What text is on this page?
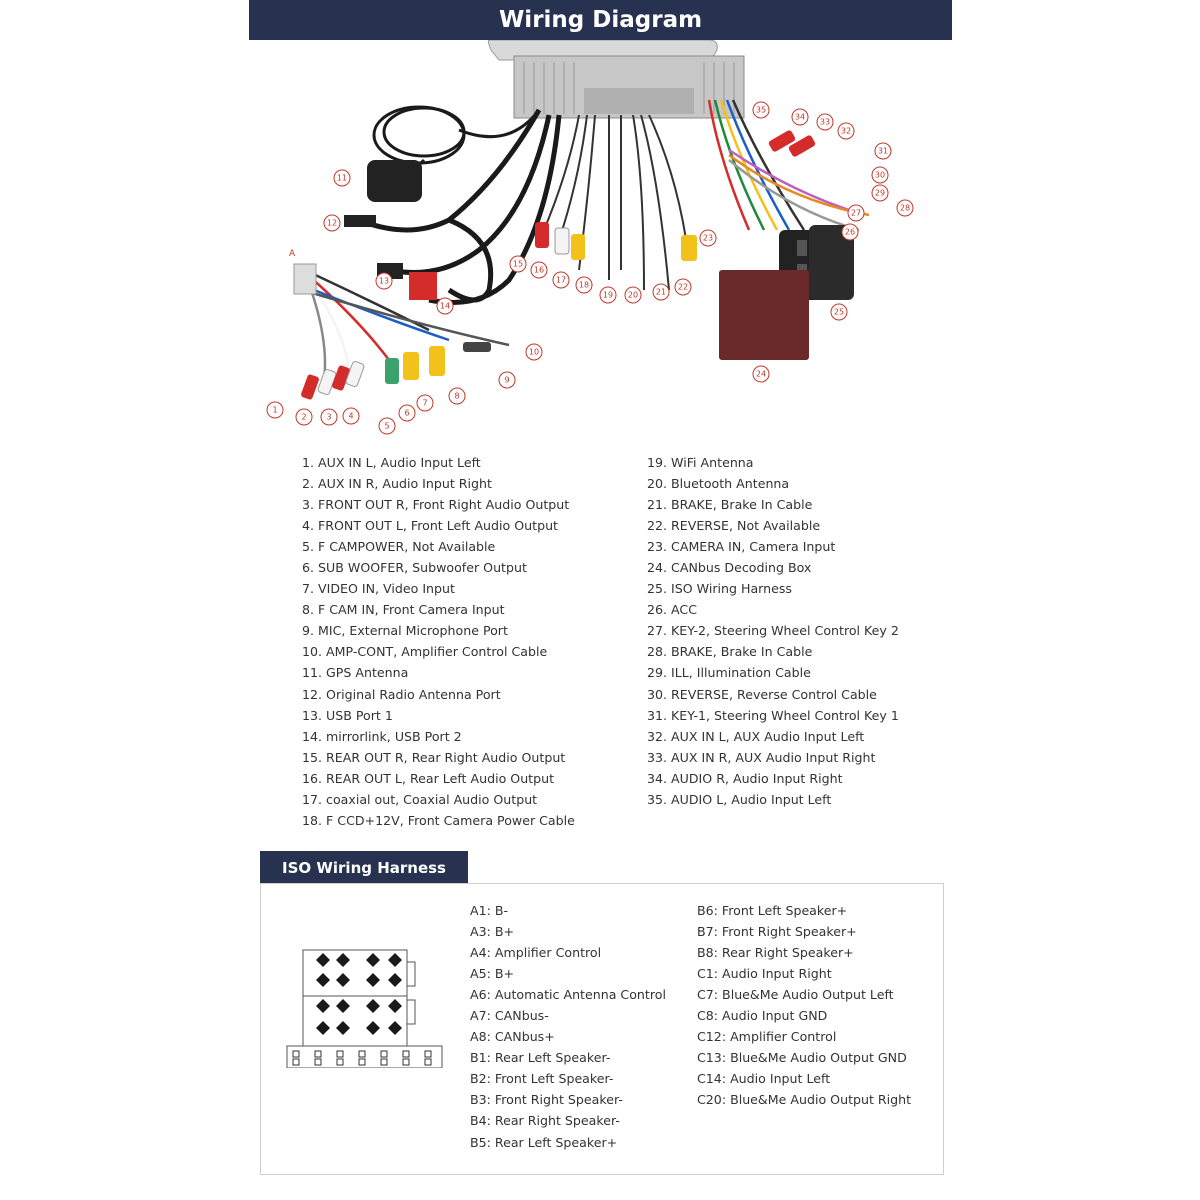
Wiring Diagram
1
2 3 4
5
6
7
8
9
10
11
12
13
14
15
16
17
18
19 20 21
22
23
24
25
26
27
28
29
30
31
32
33
34
35
A
1. AUX IN L, Audio Input Left
2. AUX IN R, Audio Input Right
3. FRONT OUT R, Front Right Audio Output
4. FRONT OUT L, Front Left Audio Output
5. F CAMPOWER, Not Available
6. SUB WOOFER, Subwoofer Output
7. VIDEO IN, Video Input
8. F CAM IN, Front Camera Input
9. MIC, External Microphone Port
10. AMP-CONT, Amplifier Control Cable
11. GPS Antenna
12. Original Radio Antenna Port
13. USB Port 1
14. mirrorlink, USB Port 2
15. REAR OUT R, Rear Right Audio Output
16. REAR OUT L, Rear Left Audio Output
17. coaxial out, Coaxial Audio Output
18. F CCD+12V, Front Camera Power Cable
19. WiFi Antenna
20. Bluetooth Antenna
21. BRAKE, Brake In Cable
22. REVERSE, Not Available
23. CAMERA IN, Camera Input
24. CANbus Decoding Box
25. ISO Wiring Harness
26. ACC
27. KEY-2, Steering Wheel Control Key 2
28. BRAKE, Brake In Cable
29. ILL, Illumination Cable
30. REVERSE, Reverse Control Cable
31. KEY-1, Steering Wheel Control Key 1
32. AUX IN L, AUX Audio Input Left
33. AUX IN R, AUX Audio Input Right
34. AUDIO R, Audio Input Right
35. AUDIO L, Audio Input Left
ISO Wiring Harness
A1: B-
A3: B+
A4: Amplifier Control
A5: B+
A6: Automatic Antenna Control
A7: CANbus-
A8: CANbus+
B1: Rear Left Speaker-
B2: Front Left Speaker-
B3: Front Right Speaker-
B4: Rear Right Speaker-
B5: Rear Left Speaker+
B6: Front Left Speaker+
B7: Front Right Speaker+
B8: Rear Right Speaker+
C1: Audio Input Right
C7: Blue&Me Audio Output Left
C8: Audio Input GND
C12: Amplifier Control
C13: Blue&Me Audio Output GND
C14: Audio Input Left
C20: Blue&Me Audio Output Right
